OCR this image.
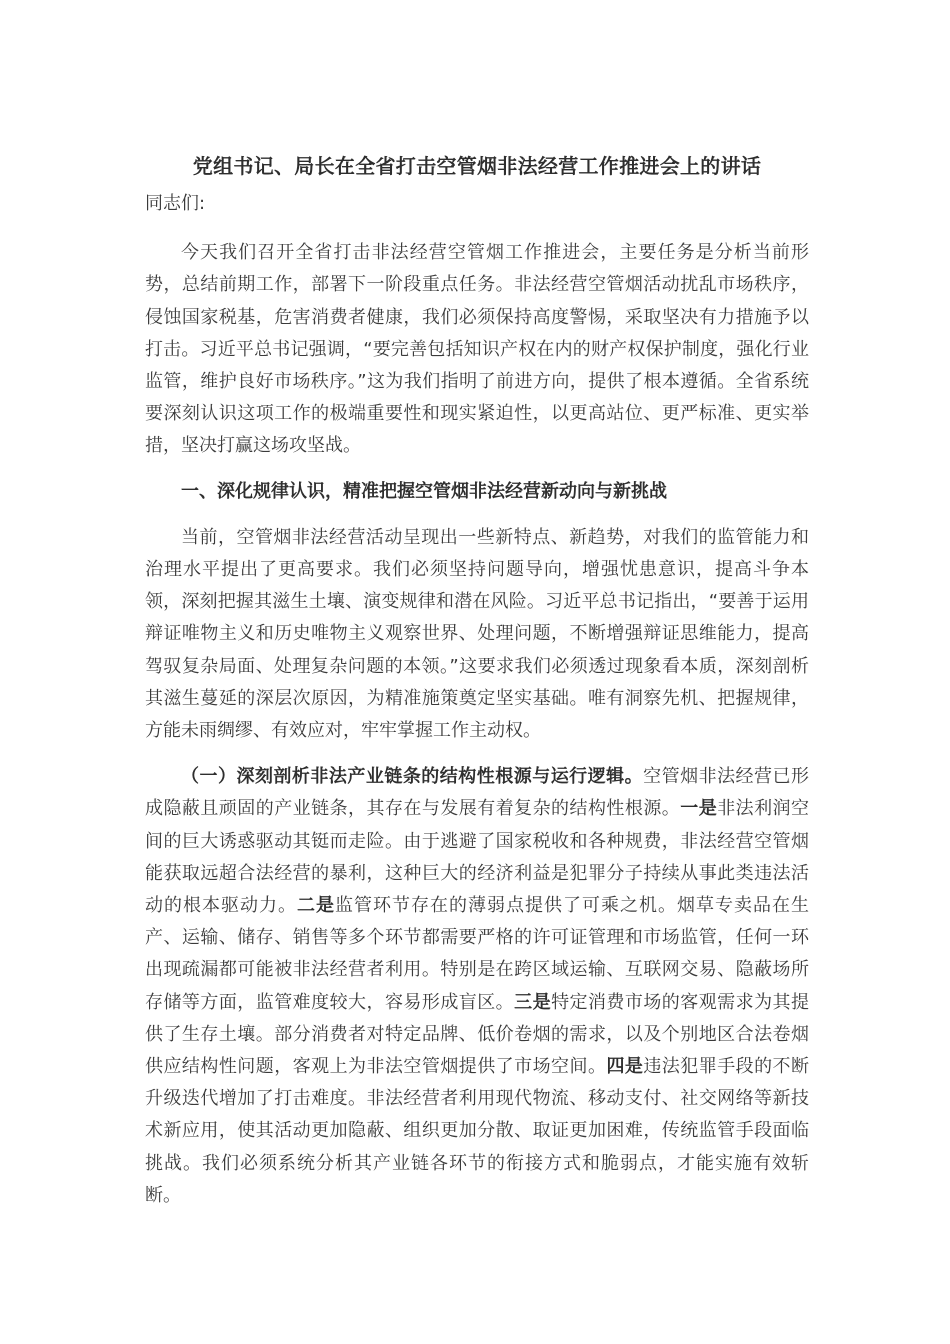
党组书记、局长在全省打击空管烟非法经营工作推进会上的讲话

同志们:

今天我们召开全省打击非法经营空管烟工作推进会，主要任务是分析当前形势，总结前期工作，部署下一阶段重点任务。非法经营空管烟活动扰乱市场秩序，侵蚀国家税基，危害消费者健康，我们必须保持高度警惕，采取坚决有力措施予以打击。习近平总书记强调，“要完善包括知识产权在内的财产权保护制度，强化行业监管，维护良好市场秩序。”这为我们指明了前进方向，提供了根本遵循。全省系统要深刻认识这项工作的极端重要性和现实紧迫性，以更高站位、更严标准、更实举措，坚决打赢这场攻坚战。

一、深化规律认识，精准把握空管烟非法经营新动向与新挑战

当前，空管烟非法经营活动呈现出一些新特点、新趋势，对我们的监管能力和治理水平提出了更高要求。我们必须坚持问题导向，增强忧患意识，提高斗争本领，深刻把握其滋生土壤、演变规律和潜在风险。习近平总书记指出，“要善于运用辩证唯物主义和历史唯物主义观察世界、处理问题，不断增强辩证思维能力，提高驾驭复杂局面、处理复杂问题的本领。”这要求我们必须透过现象看本质，深刻剖析其滋生蔓延的深层次原因，为精准施策奠定坚实基础。唯有洞察先机、把握规律，方能未雨绸缪、有效应对，牢牢掌握工作主动权。

（一）深刻剖析非法产业链条的结构性根源与运行逻辑。空管烟非法经营已形成隐蔽且顽固的产业链条，其存在与发展有着复杂的结构性根源。一是非法利润空间的巨大诱惑驱动其铤而走险。由于逃避了国家税收和各种规费，非法经营空管烟能获取远超合法经营的暴利，这种巨大的经济利益是犯罪分子持续从事此类违法活动的根本驱动力。二是监管环节存在的薄弱点提供了可乘之机。烟草专卖品在生产、运输、储存、销售等多个环节都需要严格的许可证管理和市场监管，任何一环出现疏漏都可能被非法经营者利用。特别是在跨区域运输、互联网交易、隐蔽场所存储等方面，监管难度较大，容易形成盲区。三是特定消费市场的客观需求为其提供了生存土壤。部分消费者对特定品牌、低价卷烟的需求，以及个别地区合法卷烟供应结构性问题，客观上为非法空管烟提供了市场空间。四是违法犯罪手段的不断升级迭代增加了打击难度。非法经营者利用现代物流、移动支付、社交网络等新技术新应用，使其活动更加隐蔽、组织更加分散、取证更加困难，传统监管手段面临挑战。我们必须系统分析其产业链各环节的衔接方式和脆弱点，才能实施有效斩断。
